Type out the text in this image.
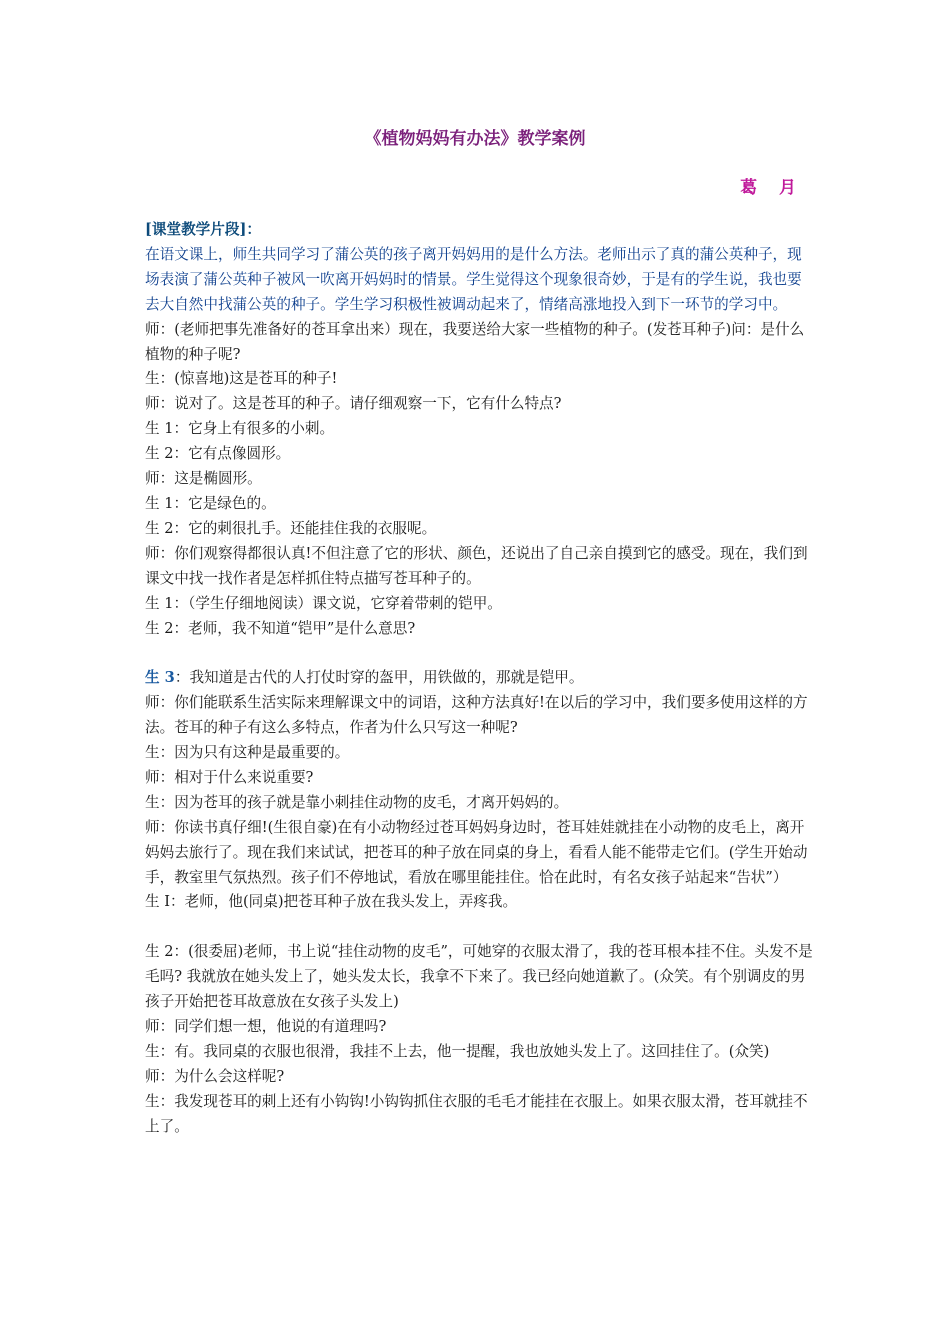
《植物妈妈有办法》教学案例
葛 月

[课堂教学片段]：

在语文课上，师生共同学习了蒲公英的孩子离开妈妈用的是什么方法。老师出示了真的蒲公英种子，现场表演了蒲公英种子被风一吹离开妈妈时的情景。学生觉得这个现象很奇妙，于是有的学生说，我也要去大自然中找蒲公英的种子。学生学习积极性被调动起来了，情绪高涨地投入到下一环节的学习中。

师：(老师把事先准备好的苍耳拿出来）现在，我要送给大家一些植物的种子。(发苍耳种子)问：是什么植物的种子呢?

生：(惊喜地)这是苍耳的种子!

师：说对了。这是苍耳的种子。请仔细观察一下，它有什么特点?

生 1：它身上有很多的小刺。

生 2：它有点像圆形。

师：这是椭圆形。

生 1：它是绿色的。

生 2：它的刺很扎手。还能挂住我的衣服呢。

师：你们观察得都很认真!不但注意了它的形状、颜色，还说出了自己亲自摸到它的感受。现在，我们到课文中找一找作者是怎样抓住特点描写苍耳种子的。

生 1：（学生仔细地阅读）课文说，它穿着带刺的铠甲。

生 2：老师，我不知道“铠甲”是什么意思?

生 3：我知道是古代的人打仗时穿的盔甲，用铁做的，那就是铠甲。

师：你们能联系生活实际来理解课文中的词语，这种方法真好!在以后的学习中，我们要多使用这样的方法。苍耳的种子有这么多特点，作者为什么只写这一种呢?

生：因为只有这种是最重要的。

师：相对于什么来说重要?

生：因为苍耳的孩子就是靠小刺挂住动物的皮毛，才离开妈妈的。

师：你读书真仔细!(生很自豪)在有小动物经过苍耳妈妈身边时，苍耳娃娃就挂在小动物的皮毛上，离开妈妈去旅行了。现在我们来试试，把苍耳的种子放在同桌的身上，看看人能不能带走它们。(学生开始动手，教室里气氛热烈。孩子们不停地试，看放在哪里能挂住。恰在此时，有名女孩子站起来“告状”）

生 I：老师，他(同桌)把苍耳种子放在我头发上，弄疼我。

生 2：(很委屈)老师，书上说“挂住动物的皮毛”，可她穿的衣服太滑了，我的苍耳根本挂不住。头发不是毛吗? 我就放在她头发上了，她头发太长，我拿不下来了。我已经向她道歉了。(众笑。有个别调皮的男孩子开始把苍耳故意放在女孩子头发上)

师：同学们想一想，他说的有道理吗?

生：有。我同桌的衣服也很滑，我挂不上去，他一提醒，我也放她头发上了。这回挂住了。(众笑)

师：为什么会这样呢?

生：我发现苍耳的刺上还有小钩钩!小钩钩抓住衣服的毛毛才能挂在衣服上。如果衣服太滑，苍耳就挂不上了。
